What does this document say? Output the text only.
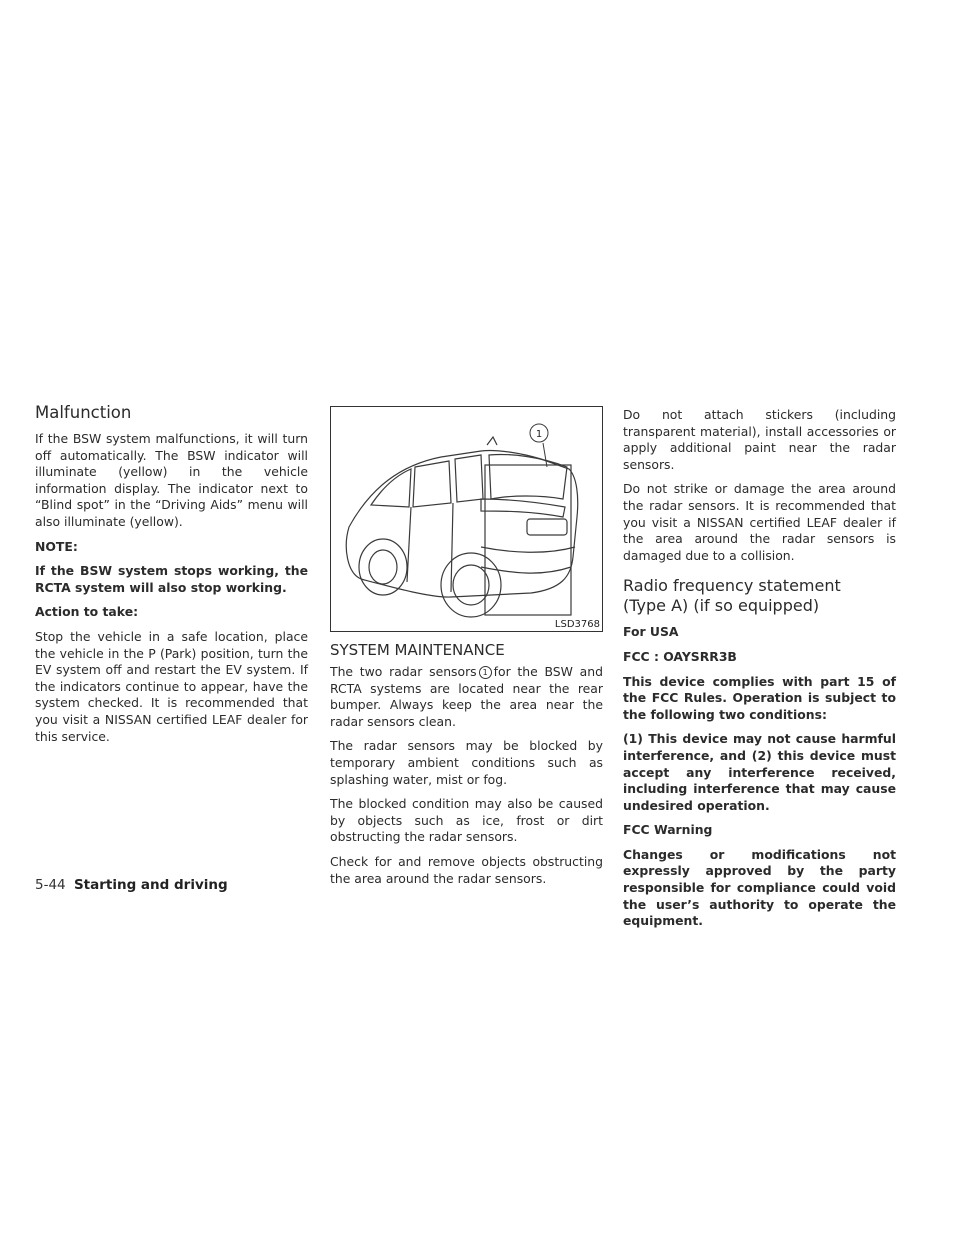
Malfunction

If the BSW system malfunctions, it will turn off automatically. The BSW indicator will illuminate (yellow) in the vehicle information display. The indicator next to “Blind spot” in the “Driving Aids” menu will also illuminate (yellow).

NOTE:

If the BSW system stops working, the RCTA system will also stop working.

Action to take:

Stop the vehicle in a safe location, place the vehicle in the P (Park) position, turn the EV system off and restart the EV system. If the indicators continue to appear, have the system checked. It is recommended that you visit a NISSAN certified LEAF dealer for this service.

1
LSD3768
SYSTEM MAINTENANCE

The two radar sensors 1 for the BSW and RCTA systems are located near the rear bumper. Always keep the area near the radar sensors clean.

The radar sensors may be blocked by temporary ambient conditions such as splashing water, mist or fog.

The blocked condition may also be caused by objects such as ice, frost or dirt obstructing the radar sensors.

Check for and remove objects obstructing the area around the radar sensors.

Do not attach stickers (including transparent material), install accessories or apply additional paint near the radar sensors.

Do not strike or damage the area around the radar sensors. It is recommended that you visit a NISSAN certified LEAF dealer if the area around the radar sensors is damaged due to a collision.

Radio frequency statement
(Type A) (if so equipped)

For USA

FCC : OAYSRR3B

This device complies with part 15 of the FCC Rules. Operation is subject to the following two conditions:

(1) This device may not cause harmful interference, and (2) this device must accept any interference received, including interference that may cause undesired operation.

FCC Warning

Changes or modifications not expressly approved by the party responsible for compliance could void the user’s authority to operate the equipment.

5-44 Starting and driving
